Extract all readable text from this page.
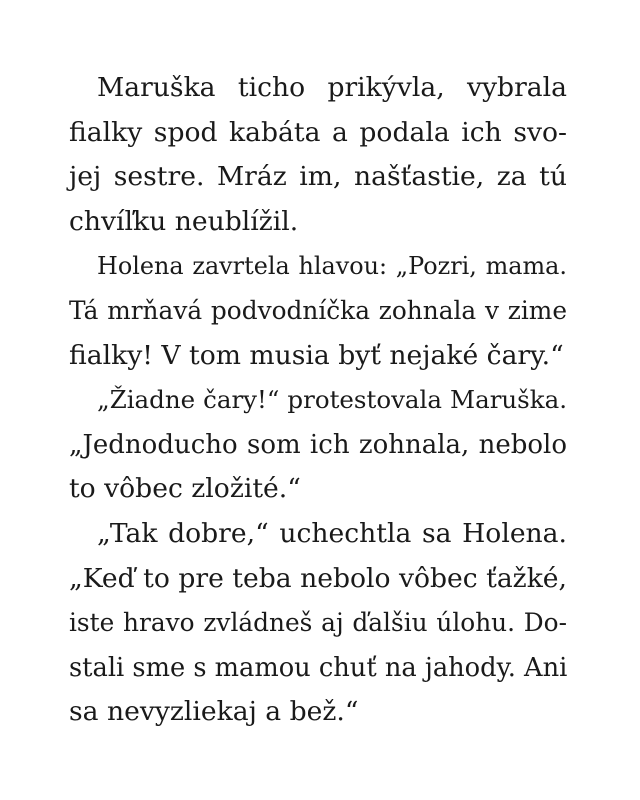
Maruška ticho prikývla, vybrala
fialky spod kabáta a podala ich svo-
jej sestre. Mráz im, našťastie, za tú
chvíľku neublížil.
Holena zavrtela hlavou: „Pozri, mama.
Tá mrňavá podvodníčka zohnala v zime
fialky! V tom musia byť nejaké čary.“
„Žiadne čary!“ protestovala Maruška.
„Jednoducho som ich zohnala, nebolo
to vôbec zložité.“
„Tak dobre,“ uchechtla sa Holena.
„Keď to pre teba nebolo vôbec ťažké,
iste hravo zvládneš aj ďalšiu úlohu. Do-
stali sme s mamou chuť na jahody. Ani
sa nevyzliekaj a bež.“
